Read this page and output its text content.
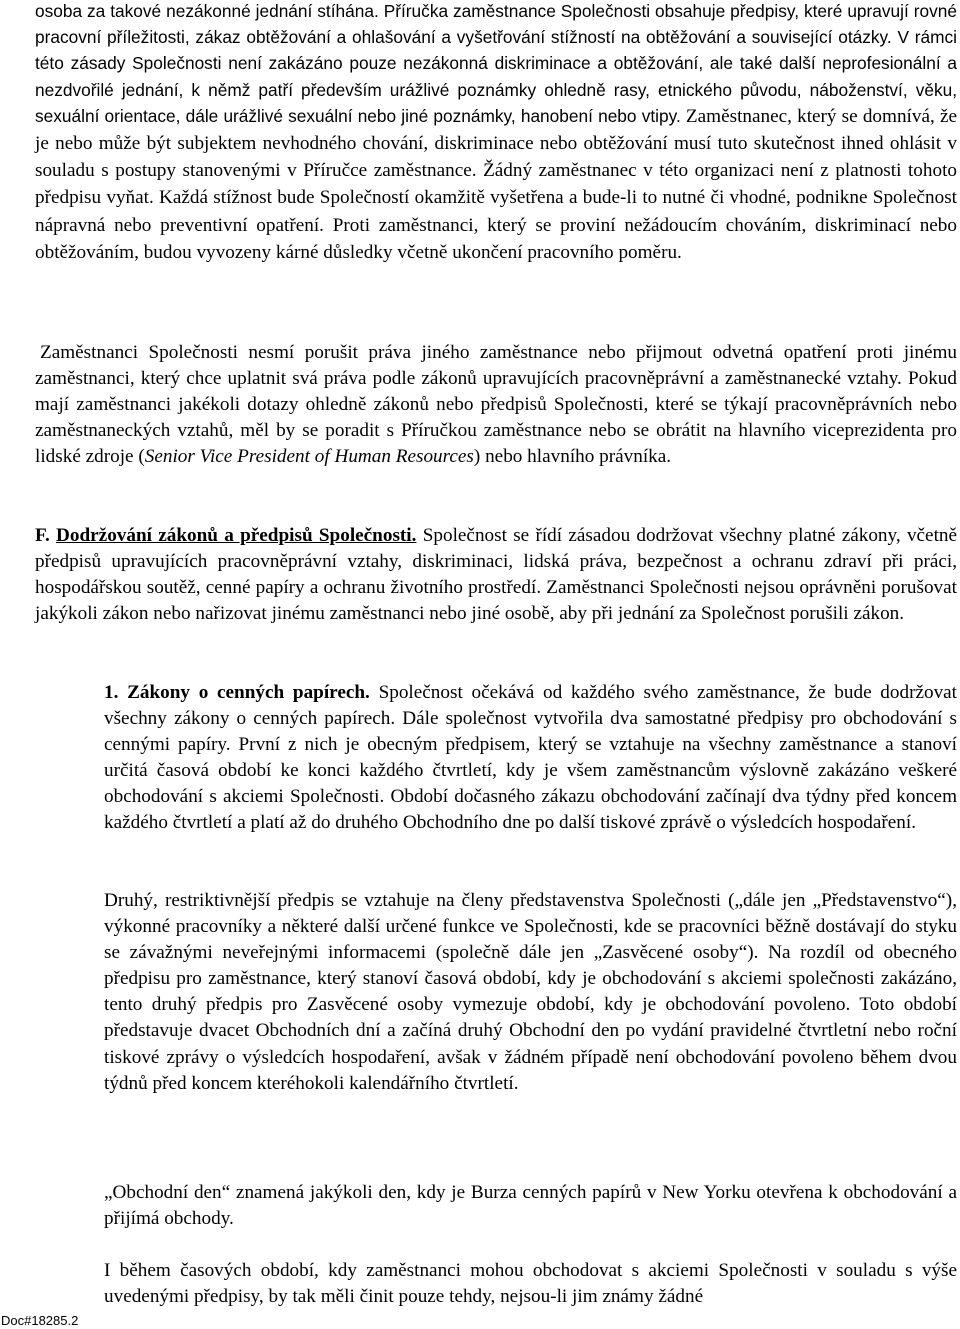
osoba za takové nezákonné jednání stíhána. Příručka zaměstnance Společnosti obsahuje předpisy, které upravují rovné pracovní příležitosti, zákaz obtěžování a ohlašování a vyšetřování stížností na obtěžování a související otázky. V rámci této zásady Společnosti není zakázáno pouze nezákonná diskriminace a obtěžování, ale také další neprofesionální a nezdvořilé jednání, k němž patří především urážlivé poznámky ohledně rasy, etnického původu, náboženství, věku, sexuální orientace, dále urážlivé sexuální nebo jiné poznámky, hanobení nebo vtipy. Zaměstnanec, který se domnívá, že je nebo může být subjektem nevhodného chování, diskriminace nebo obtěžování musí tuto skutečnost ihned ohlásit v souladu s postupy stanovenými v Příručce zaměstnance. Žádný zaměstnanec v této organizaci není z platnosti tohoto předpisu vyňat. Každá stížnost bude Společností okamžitě vyšetřena a bude-li to nutné či vhodné, podnikne Společnost nápravná nebo preventivní opatření. Proti zaměstnanci, který se proviní nežádoucím chováním, diskriminací nebo obtěžováním, budou vyvozeny kárné důsledky včetně ukončení pracovního poměru.

Zaměstnanci Společnosti nesmí porušit práva jiného zaměstnance nebo přijmout odvetná opatření proti jinému zaměstnanci, který chce uplatnit svá práva podle zákonů upravujících pracovněprávní a zaměstnanecké vztahy. Pokud mají zaměstnanci jakékoli dotazy ohledně zákonů nebo předpisů Společnosti, které se týkají pracovněprávních nebo zaměstnaneckých vztahů, měl by se poradit s Příručkou zaměstnance nebo se obrátit na hlavního viceprezidenta pro lidské zdroje (Senior Vice President of Human Resources) nebo hlavního právníka.

F. Dodržování zákonů a předpisů Společnosti. Společnost se řídí zásadou dodržovat všechny platné zákony, včetně předpisů upravujících pracovněprávní vztahy, diskriminaci, lidská práva, bezpečnost a ochranu zdraví při práci, hospodářskou soutěž, cenné papíry a ochranu životního prostředí. Zaměstnanci Společnosti nejsou oprávněni porušovat jakýkoli zákon nebo nařizovat jinému zaměstnanci nebo jiné osobě, aby při jednání za Společnost porušili zákon.

1. Zákony o cenných papírech. Společnost očekává od každého svého zaměstnance, že bude dodržovat všechny zákony o cenných papírech. Dále společnost vytvořila dva samostatné předpisy pro obchodování s cennými papíry. První z nich je obecným předpisem, který se vztahuje na všechny zaměstnance a stanoví určitá časová období ke konci každého čtvrtletí, kdy je všem zaměstnancům výslovně zakázáno veškeré obchodování s akciemi Společnosti. Období dočasného zákazu obchodování začínají dva týdny před koncem každého čtvrtletí a platí až do druhého Obchodního dne po další tiskové zprávě o výsledcích hospodaření.

Druhý, restriktivnější předpis se vztahuje na členy představenstva Společnosti („dále jen „Představenstvo“), výkonné pracovníky a některé další určené funkce ve Společnosti, kde se pracovníci běžně dostávají do styku se závažnými neveřejnými informacemi (společně dále jen „Zasvěcené osoby“). Na rozdíl od obecného předpisu pro zaměstnance, který stanoví časová období, kdy je obchodování s akciemi společnosti zakázáno, tento druhý předpis pro Zasvěcené osoby vymezuje období, kdy je obchodování povoleno. Toto období představuje dvacet Obchodních dní a začíná druhý Obchodní den po vydání pravidelné čtvrtletní nebo roční tiskové zprávy o výsledcích hospodaření, avšak v žádném případě není obchodování povoleno během dvou týdnů před koncem kteréhokoli kalendářního čtvrtletí.

„Obchodní den“ znamená jakýkoli den, kdy je Burza cenných papírů v New Yorku otevřena k obchodování a přijímá obchody.

I během časových období, kdy zaměstnanci mohou obchodovat s akciemi Společnosti v souladu s výše uvedenými předpisy, by tak měli činit pouze tehdy, nejsou-li jim známy žádné

Doc#18285.2
